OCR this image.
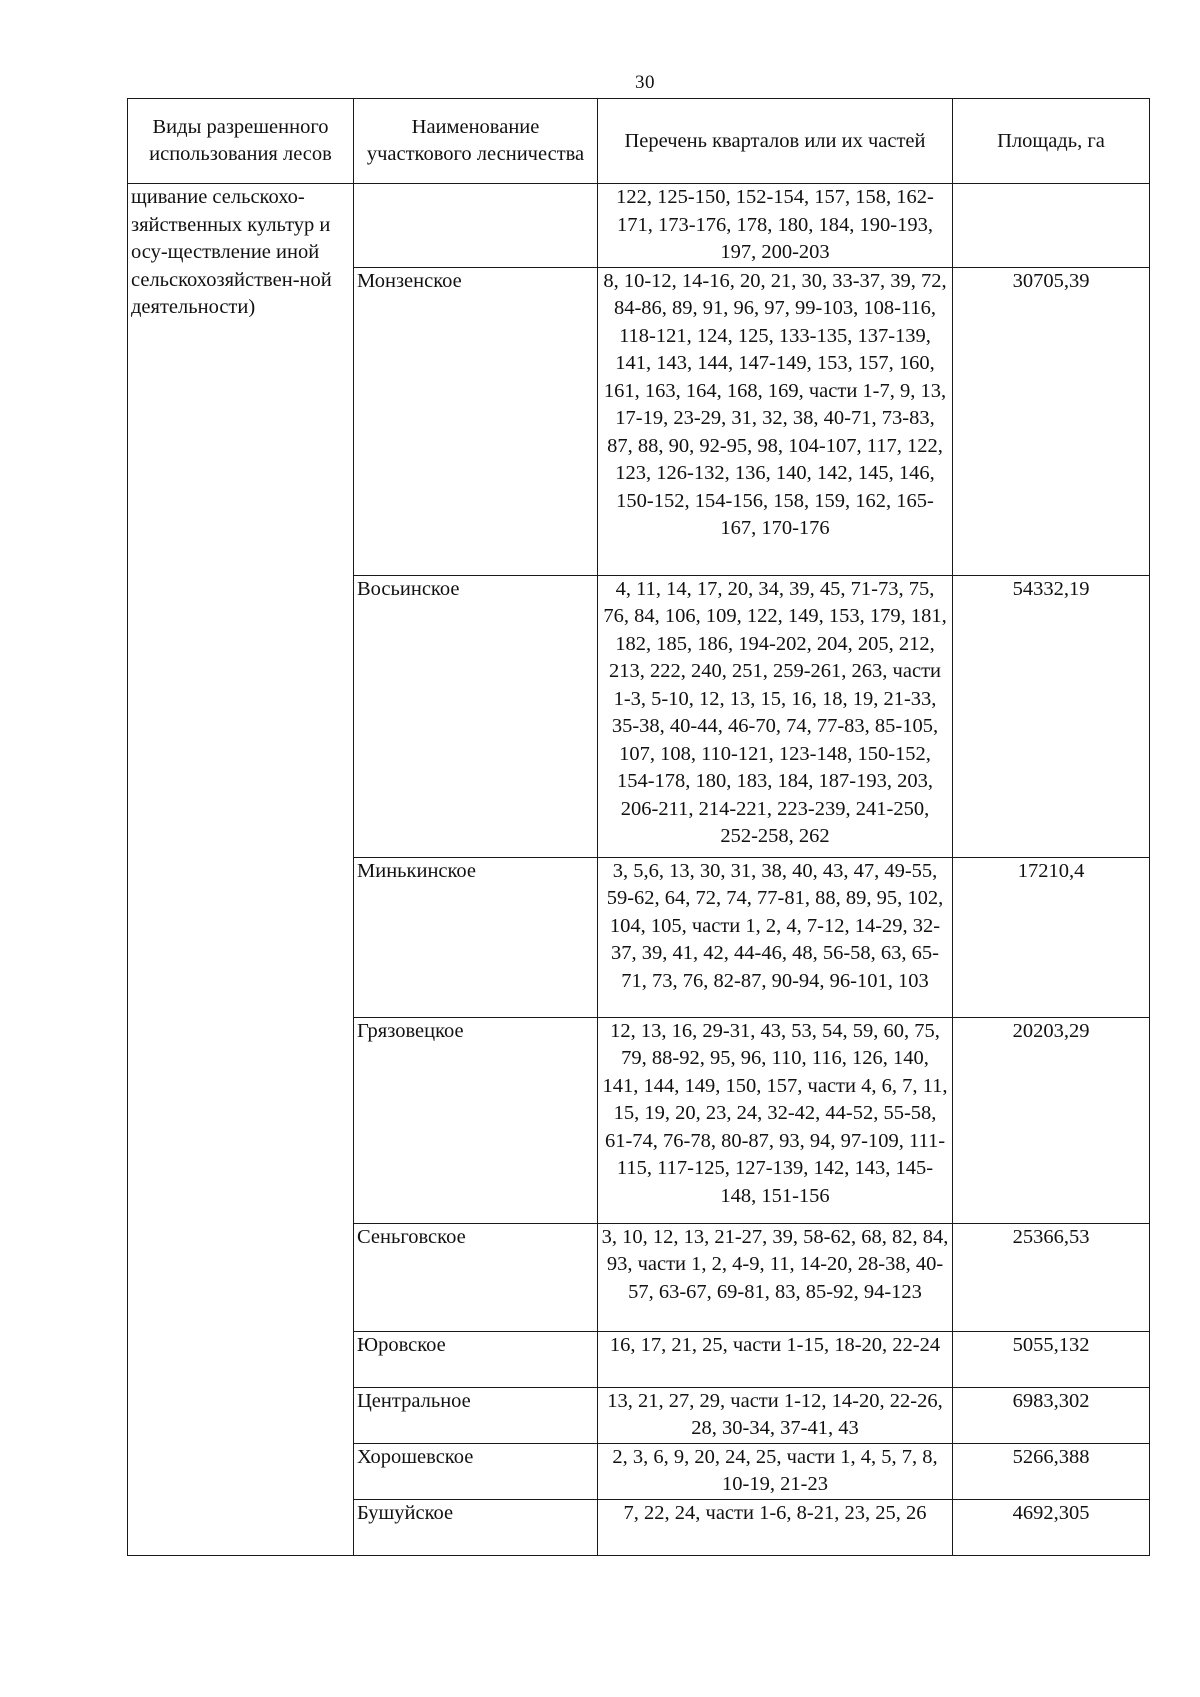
30
Виды разрешенного использования лесов	Наименование участкового лесничества	Перечень кварталов или их частей	Площадь, га
щивание сельскохо-зяйственных культур и осу-ществление иной сельскохозяйствен-ной деятельности)		122, 125-150, 152-154, 157, 158, 162-171, 173-176, 178, 180, 184, 190-193, 197, 200-203	
	Монзенское	8, 10-12, 14-16, 20, 21, 30, 33-37, 39, 72, 84-86, 89, 91, 96, 97, 99-103, 108-116, 118-121, 124, 125, 133-135, 137-139, 141, 143, 144, 147-149, 153, 157, 160, 161, 163, 164, 168, 169, части 1-7, 9, 13, 17-19, 23-29, 31, 32, 38, 40-71, 73-83, 87, 88, 90, 92-95, 98, 104-107, 117, 122, 123, 126-132, 136, 140, 142, 145, 146, 150-152, 154-156, 158, 159, 162, 165-167, 170-176	30705,39
	Восьинское	4, 11, 14, 17, 20, 34, 39, 45, 71-73, 75, 76, 84, 106, 109, 122, 149, 153, 179, 181, 182, 185, 186, 194-202, 204, 205, 212, 213, 222, 240, 251, 259-261, 263, части 1-3, 5-10, 12, 13, 15, 16, 18, 19, 21-33, 35-38, 40-44, 46-70, 74, 77-83, 85-105, 107, 108, 110-121, 123-148, 150-152, 154-178, 180, 183, 184, 187-193, 203, 206-211, 214-221, 223-239, 241-250, 252-258, 262	54332,19
	Минькинское	3, 5,6, 13, 30, 31, 38, 40, 43, 47, 49-55, 59-62, 64, 72, 74, 77-81, 88, 89, 95, 102, 104, 105, части 1, 2, 4, 7-12, 14-29, 32-37, 39, 41, 42, 44-46, 48, 56-58, 63, 65-71, 73, 76, 82-87, 90-94, 96-101, 103	17210,4
	Грязовецкое	12, 13, 16, 29-31, 43, 53, 54, 59, 60, 75, 79, 88-92, 95, 96, 110, 116, 126, 140, 141, 144, 149, 150, 157, части 4, 6, 7, 11, 15, 19, 20, 23, 24, 32-42, 44-52, 55-58, 61-74, 76-78, 80-87, 93, 94, 97-109, 111-115, 117-125, 127-139, 142, 143, 145-148, 151-156	20203,29
	Сеньговское	3, 10, 12, 13, 21-27, 39, 58-62, 68, 82, 84, 93, части 1, 2, 4-9, 11, 14-20, 28-38, 40-57, 63-67, 69-81, 83, 85-92, 94-123	25366,53
	Юровское	16, 17, 21, 25, части 1-15, 18-20, 22-24	5055,132
	Центральное	13, 21, 27, 29, части 1-12, 14-20, 22-26, 28, 30-34, 37-41, 43	6983,302
	Хорошевское	2, 3, 6, 9, 20, 24, 25, части 1, 4, 5, 7, 8, 10-19, 21-23	5266,388
	Бушуйское	7, 22, 24, части 1-6, 8-21, 23, 25, 26	4692,305
